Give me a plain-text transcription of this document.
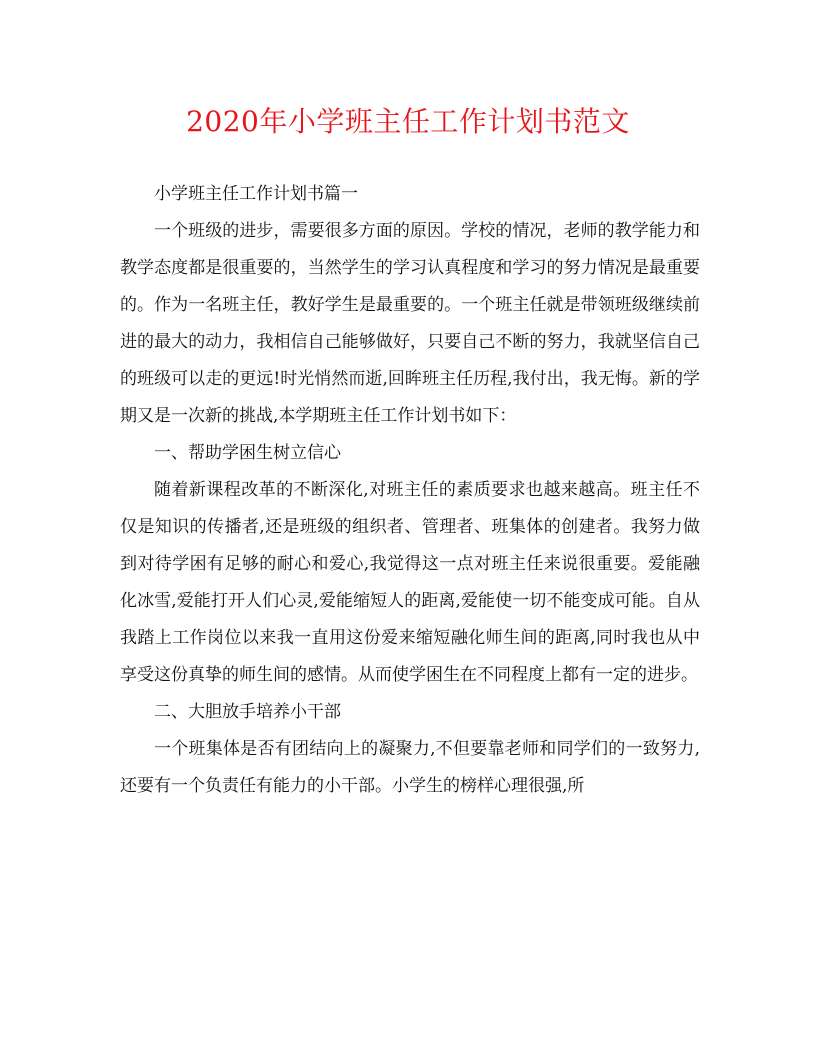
2020年小学班主任工作计划书范文

小学班主任工作计划书篇一

一个班级的进步，需要很多方面的原因。学校的情况，老师的教学能力和教学态度都是很重要的，当然学生的学习认真程度和学习的努力情况是最重要的。作为一名班主任，教好学生是最重要的。一个班主任就是带领班级继续前进的最大的动力，我相信自己能够做好，只要自己不断的努力，我就坚信自己的班级可以走的更远!时光悄然而逝,回眸班主任历程,我付出，我无悔。新的学期又是一次新的挑战,本学期班主任工作计划书如下：

一、帮助学困生树立信心

随着新课程改革的不断深化,对班主任的素质要求也越来越高。班主任不仅是知识的传播者,还是班级的组织者、管理者、班集体的创建者。我努力做到对待学困有足够的耐心和爱心,我觉得这一点对班主任来说很重要。爱能融化冰雪,爱能打开人们心灵,爱能缩短人的距离,爱能使一切不能变成可能。自从我踏上工作岗位以来我一直用这份爱来缩短融化师生间的距离,同时我也从中享受这份真挚的师生间的感情。从而使学困生在不同程度上都有一定的进步。

二、大胆放手培养小干部

一个班集体是否有团结向上的凝聚力,不但要靠老师和同学们的一致努力,还要有一个负责任有能力的小干部。小学生的榜样心理很强,所
